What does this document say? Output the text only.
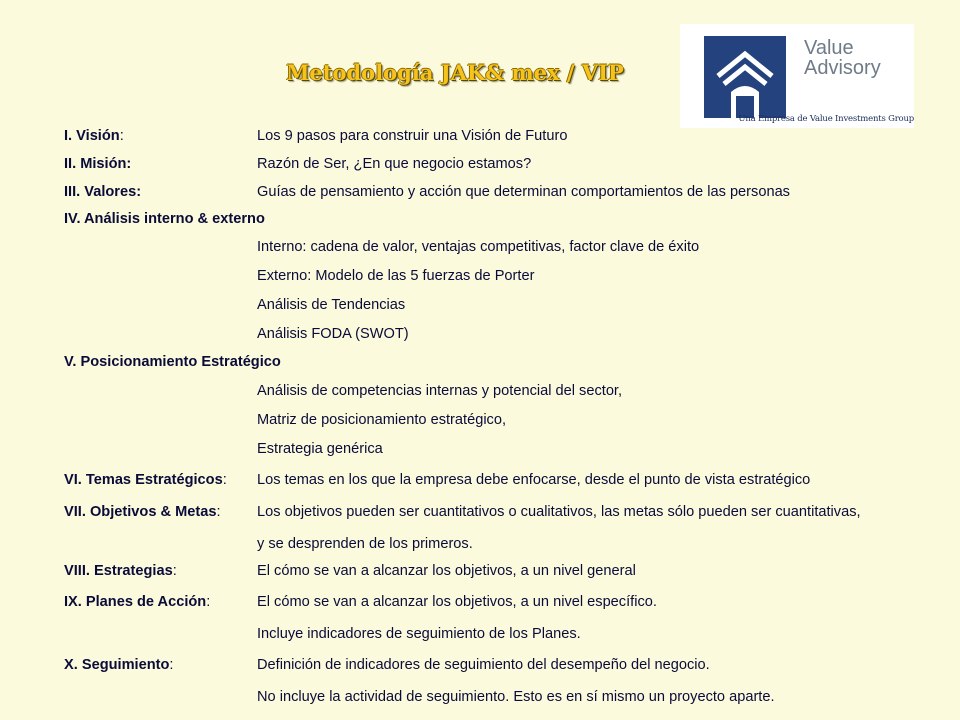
Metodología JAK& mex / VIP
Value
Advisory
Una Empresa de Value Investments Group
I. Visión:	Los 9 pasos para construir una Visión de Futuro
II. Misión:	Razón de Ser, ¿En que negocio estamos?
III. Valores:	Guías de pensamiento y acción que determinan comportamientos de las personas
IV. Análisis interno & externo
Interno: cadena de valor, ventajas competitivas, factor clave de éxito
Externo: Modelo de las 5 fuerzas de Porter
Análisis de Tendencias
Análisis FODA (SWOT)
V. Posicionamiento Estratégico
Análisis de competencias internas y potencial del sector,
Matriz de posicionamiento estratégico,
Estrategia genérica
VI. Temas Estratégicos: Los temas en los que la empresa debe enfocarse, desde el punto de vista estratégico
VII. Objetivos & Metas: Los objetivos pueden ser cuantitativos o cualitativos, las metas sólo pueden ser cuantitativas,
y se desprenden de los primeros.
VIII. Estrategias:	El cómo se van a alcanzar los objetivos, a un nivel general
IX. Planes de Acción:	El cómo se van a alcanzar los objetivos, a un nivel específico.
Incluye indicadores de seguimiento de los Planes.
X. Seguimiento:	Definición de indicadores de seguimiento del desempeño del negocio.
No incluye la actividad de seguimiento. Esto es en sí mismo un proyecto aparte.
